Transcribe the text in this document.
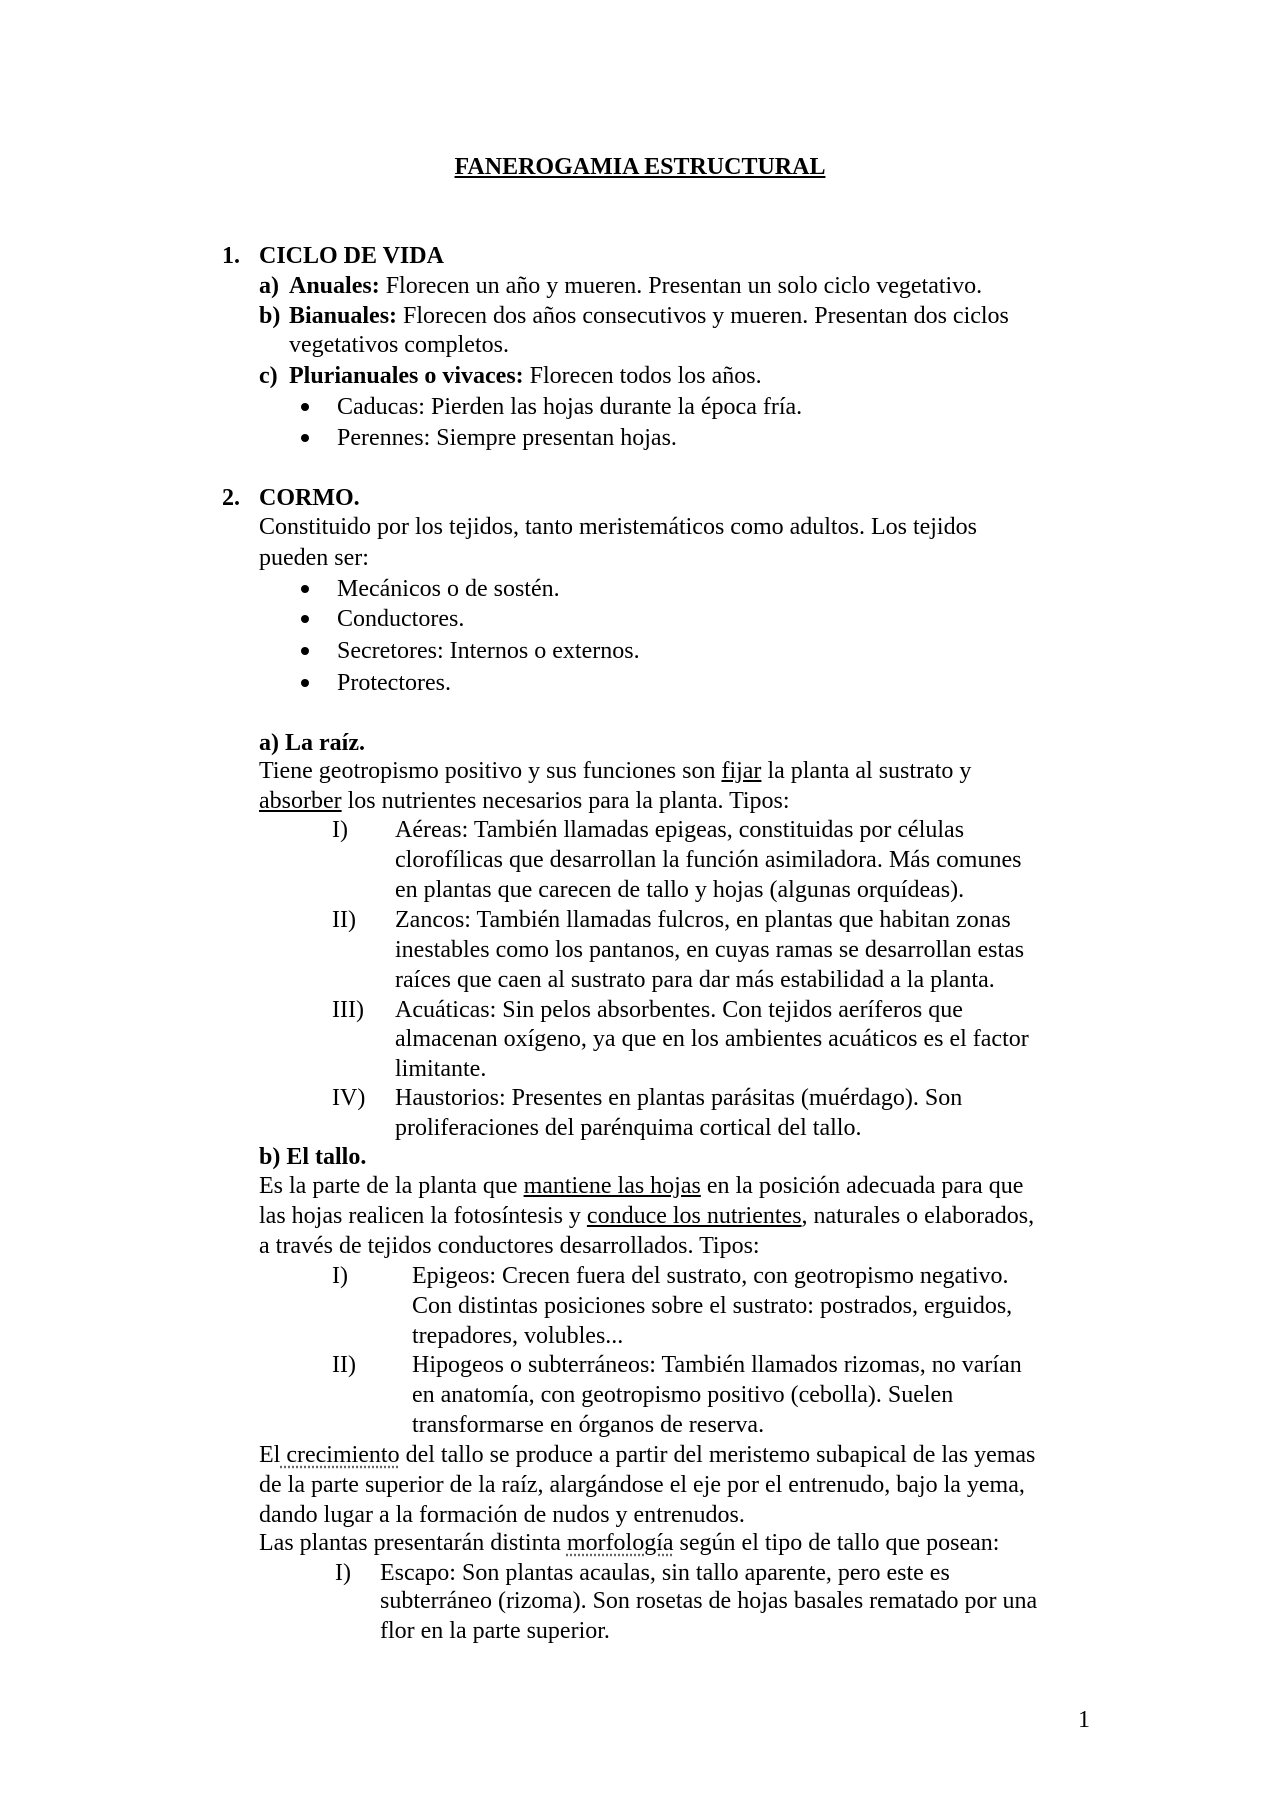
FANEROGAMIA ESTRUCTURAL
1. CICLO DE VIDA
a) Anuales: Florecen un año y mueren. Presentan un solo ciclo vegetativo.
b) Bianuales: Florecen dos años consecutivos y mueren. Presentan dos ciclos
vegetativos completos.
c) Plurianuales o vivaces: Florecen todos los años.
Caducas: Pierden las hojas durante la época fría.
Perennes: Siempre presentan hojas.
2. CORMO.
Constituido por los tejidos, tanto meristemáticos como adultos. Los tejidos
pueden ser:
Mecánicos o de sostén.
Conductores.
Secretores: Internos o externos.
Protectores.
a) La raíz.
Tiene geotropismo positivo y sus funciones son fijar la planta al sustrato y
absorber los nutrientes necesarios para la planta. Tipos:
I) Aéreas: También llamadas epigeas, constituidas por células
clorofílicas que desarrollan la función asimiladora. Más comunes
en plantas que carecen de tallo y hojas (algunas orquídeas).
II) Zancos: También llamadas fulcros, en plantas que habitan zonas
inestables como los pantanos, en cuyas ramas se desarrollan estas
raíces que caen al sustrato para dar más estabilidad a la planta.
III) Acuáticas: Sin pelos absorbentes. Con tejidos aeríferos que
almacenan oxígeno, ya que en los ambientes acuáticos es el factor
limitante.
IV) Haustorios: Presentes en plantas parásitas (muérdago). Son
proliferaciones del parénquima cortical del tallo.
b) El tallo.
Es la parte de la planta que mantiene las hojas en la posición adecuada para que
las hojas realicen la fotosíntesis y conduce los nutrientes, naturales o elaborados,
a través de tejidos conductores desarrollados. Tipos:
I)	Epigeos: Crecen fuera del sustrato, con geotropismo negativo.
Con distintas posiciones sobre el sustrato: postrados, erguidos,
trepadores, volubles...
II) Hipogeos o subterráneos: También llamados rizomas, no varían
en anatomía, con geotropismo positivo (cebolla). Suelen
transformarse en órganos de reserva.
El crecimiento del tallo se produce a partir del meristemo subapical de las yemas
de la parte superior de la raíz, alargándose el eje por el entrenudo, bajo la yema,
dando lugar a la formación de nudos y entrenudos.
Las plantas presentarán distinta morfología según el tipo de tallo que posean:
I) Escapo: Son plantas acaulas, sin tallo aparente, pero este es
subterráneo (rizoma). Son rosetas de hojas basales rematado por una
flor en la parte superior.
1
